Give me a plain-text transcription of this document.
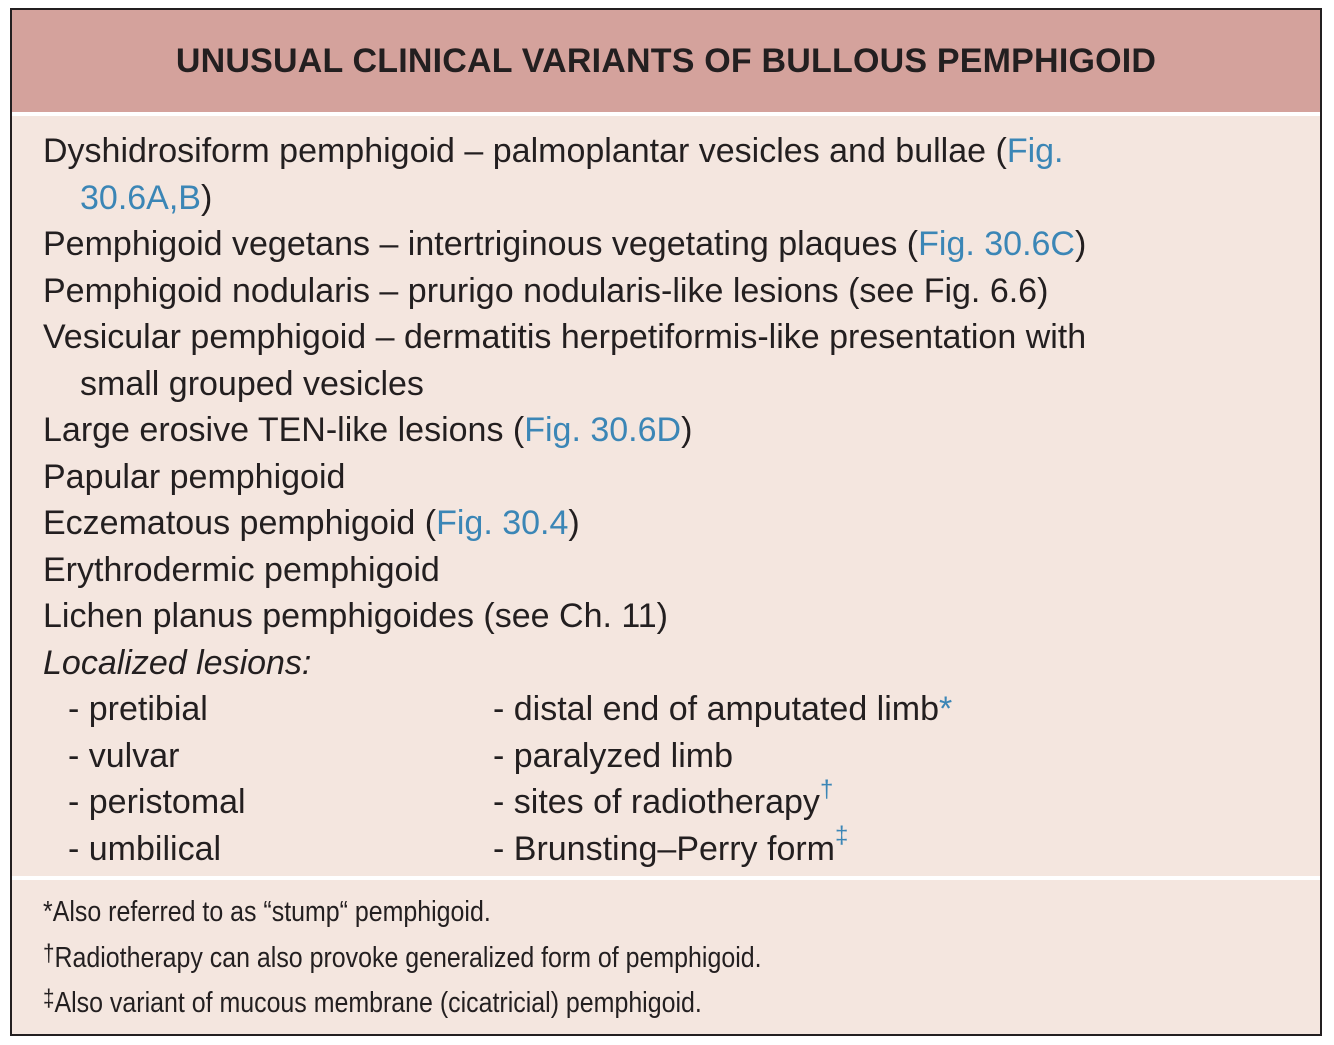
UNUSUAL CLINICAL VARIANTS OF BULLOUS PEMPHIGOID
Dyshidrosiform pemphigoid – palmoplantar vesicles and bullae (Fig.
30.6A,B)
Pemphigoid vegetans – intertriginous vegetating plaques (Fig. 30.6C)
Pemphigoid nodularis – prurigo nodularis-like lesions (see Fig. 6.6)
Vesicular pemphigoid – dermatitis herpetiformis-like presentation with
small grouped vesicles
Large erosive TEN-like lesions (Fig. 30.6D)
Papular pemphigoid
Eczematous pemphigoid (Fig. 30.4)
Erythrodermic pemphigoid
Lichen planus pemphigoides (see Ch. 11)
Localized lesions:
- pretibial	- distal end of amputated limb*
- vulvar	- paralyzed limb
- peristomal	- sites of radiotherapy†
- umbilical	- Brunsting–Perry form‡
*Also referred to as “stump“ pemphigoid.
†Radiotherapy can also provoke generalized form of pemphigoid.
‡Also variant of mucous membrane (cicatricial) pemphigoid.
